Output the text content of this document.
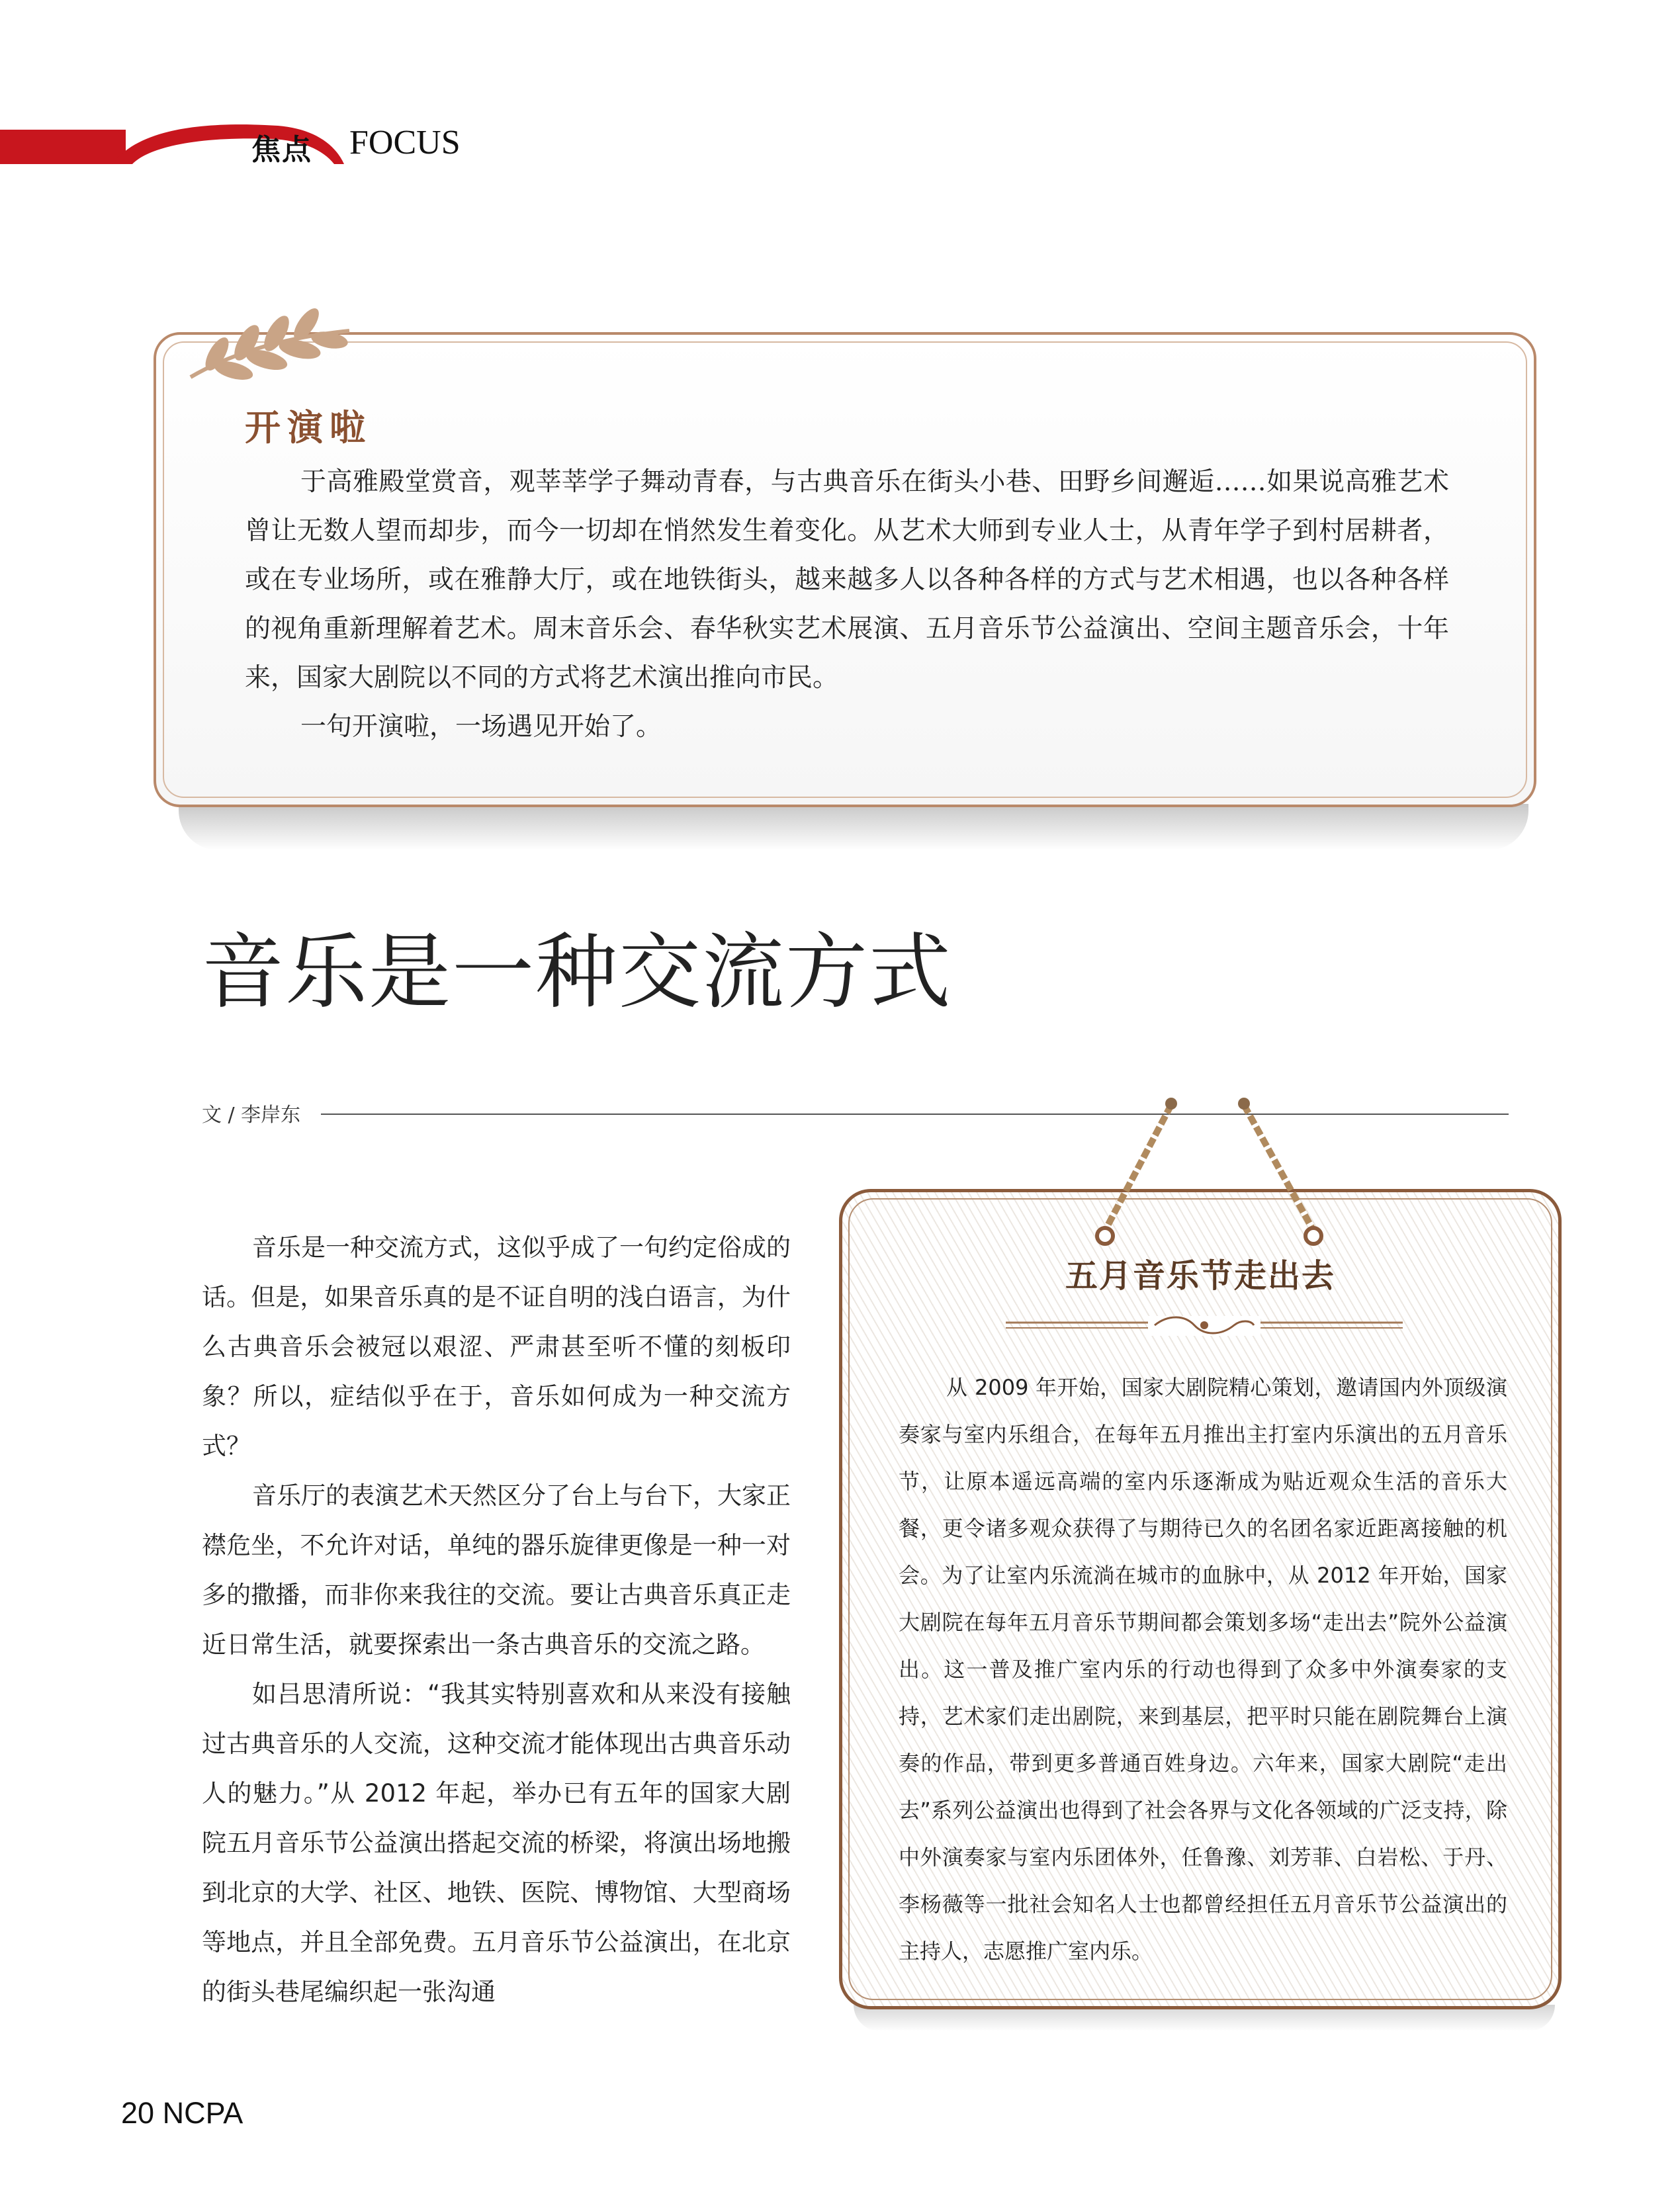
焦点 FOCUS
开演啦

于高雅殿堂赏音，观莘莘学子舞动青春，与古典音乐在街头小巷、田野乡间邂逅……如果说高雅艺术曾让无数人望而却步，而今一切却在悄然发生着变化。从艺术大师到专业人士，从青年学子到村居耕者，或在专业场所，或在雅静大厅，或在地铁街头，越来越多人以各种各样的方式与艺术相遇，也以各种各样的视角重新理解着艺术。周末音乐会、春华秋实艺术展演、五月音乐节公益演出、空间主题音乐会，十年来，国家大剧院以不同的方式将艺术演出推向市民。

一句开演啦，一场遇见开始了。

音乐是一种交流方式
文 / 李岸东

音乐是一种交流方式，这似乎成了一句约定俗成的话。但是，如果音乐真的是不证自明的浅白语言，为什么古典音乐会被冠以艰涩、严肃甚至听不懂的刻板印象？所以，症结似乎在于，音乐如何成为一种交流方式？

音乐厅的表演艺术天然区分了台上与台下，大家正襟危坐，不允许对话，单纯的器乐旋律更像是一种一对多的撒播，而非你来我往的交流。要让古典音乐真正走近日常生活，就要探索出一条古典音乐的交流之路。

如吕思清所说：“我其实特别喜欢和从来没有接触过古典音乐的人交流，这种交流才能体现出古典音乐动人的魅力。”从 2012 年起，举办已有五年的国家大剧院五月音乐节公益演出搭起交流的桥梁，将演出场地搬到北京的大学、社区、地铁、医院、博物馆、大型商场等地点，并且全部免费。五月音乐节公益演出，在北京的街头巷尾编织起一张沟通

五月音乐节走出去

从 2009 年开始，国家大剧院精心策划，邀请国内外顶级演奏家与室内乐组合，在每年五月推出主打室内乐演出的五月音乐节，让原本遥远高端的室内乐逐渐成为贴近观众生活的音乐大餐，更令诸多观众获得了与期待已久的名团名家近距离接触的机会。为了让室内乐流淌在城市的血脉中，从 2012 年开始，国家大剧院在每年五月音乐节期间都会策划多场“走出去”院外公益演出。这一普及推广室内乐的行动也得到了众多中外演奏家的支持，艺术家们走出剧院，来到基层，把平时只能在剧院舞台上演奏的作品，带到更多普通百姓身边。六年来，国家大剧院“走出去”系列公益演出也得到了社会各界与文化各领域的广泛支持，除中外演奏家与室内乐团体外，任鲁豫、刘芳菲、白岩松、于丹、李杨薇等一批社会知名人士也都曾经担任五月音乐节公益演出的主持人，志愿推广室内乐。

20 NCPA
